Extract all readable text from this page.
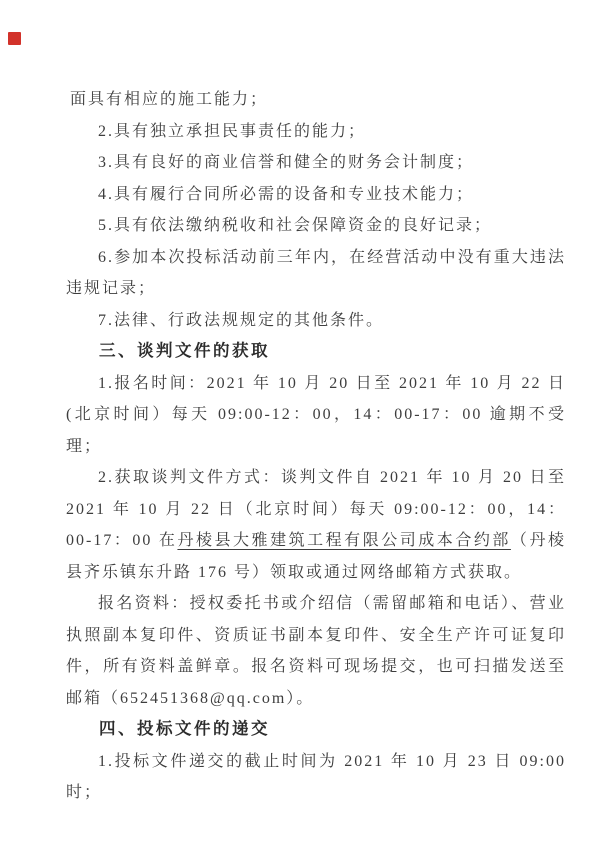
面具有相应的施工能力；

2.具有独立承担民事责任的能力；

3.具有良好的商业信誉和健全的财务会计制度；

4.具有履行合同所必需的设备和专业技术能力；

5.具有依法缴纳税收和社会保障资金的良好记录；

6.参加本次投标活动前三年内，在经营活动中没有重大违法违规记录；

7.法律、行政法规规定的其他条件。

三、谈判文件的获取

1.报名时间：2021 年 10 月 20 日至 2021 年 10 月 22 日(北京时间）每天 09:00-12：00，14：00-17：00 逾期不受理；

2.获取谈判文件方式：谈判文件自 2021 年 10 月 20 日至 2021 年 10 月 22 日（北京时间）每天 09:00-12：00，14：00-17：00 在丹棱县大雅建筑工程有限公司成本合约部（丹棱县齐乐镇东升路 176 号）领取或通过网络邮箱方式获取。

报名资料：授权委托书或介绍信（需留邮箱和电话）、营业执照副本复印件、资质证书副本复印件、安全生产许可证复印件，所有资料盖鲜章。报名资料可现场提交，也可扫描发送至邮箱（652451368@qq.com）。

四、投标文件的递交

1.投标文件递交的截止时间为 2021 年 10 月 23 日 09:00 时；
